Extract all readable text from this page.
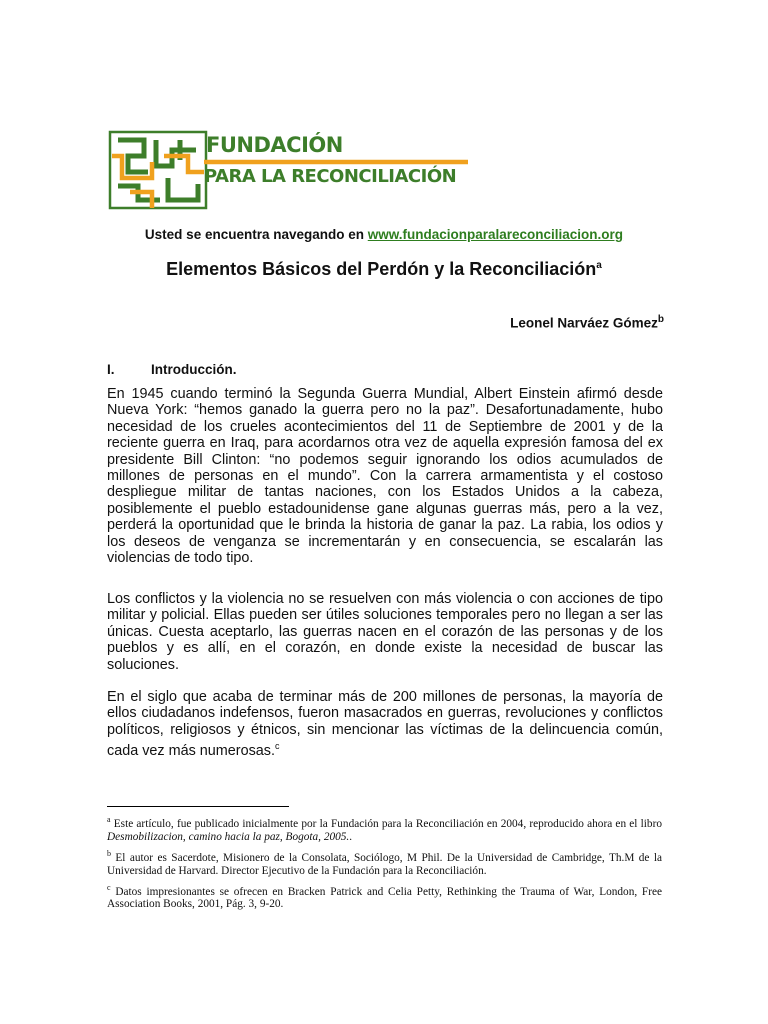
FUNDACIÓN
PARA LA RECONCILIACIÓN
Usted se encuentra navegando en www.fundacionparalareconciliacion.org
Elementos Básicos del Perdón y la Reconciliación$^a$
Leonel Narváez Gómez$^b$
I.	Introducción.
En 1945 cuando terminó la Segunda Guerra Mundial, Albert Einstein afirmó desde Nueva York: “hemos ganado la guerra pero no la paz”. Desafortunadamente, hubo necesidad de los crueles acontecimientos del 11 de Septiembre de 2001 y de la reciente guerra en Iraq, para acordarnos otra vez de aquella expresión famosa del ex presidente Bill Clinton: “no podemos seguir ignorando los odios acumulados de millones de personas en el mundo”. Con la carrera armamentista y el costoso despliegue militar de tantas naciones, con los Estados Unidos a la cabeza, posiblemente el pueblo estadounidense gane algunas guerras más, pero a la vez, perderá la oportunidad que le brinda la historia de ganar la paz. La rabia, los odios y los deseos de venganza se incrementarán y en consecuencia, se escalarán las violencias de todo tipo.
Los conflictos y la violencia no se resuelven con más violencia o con acciones de tipo militar y policial. Ellas pueden ser útiles soluciones temporales pero no llegan a ser las únicas. Cuesta aceptarlo, las guerras nacen en el corazón de las personas y de los pueblos y es allí, en el corazón, en donde existe la necesidad de buscar las soluciones.
En el siglo que acaba de terminar más de 200 millones de personas, la mayoría de ellos ciudadanos indefensos, fueron masacrados en guerras, revoluciones y conflictos políticos, religiosos y étnicos, sin mencionar las víctimas de la delincuencia común, cada vez más numerosas.$^c$
$^a$ Este artículo, fue publicado inicialmente por la Fundación para la Reconciliación en 2004, reproducido ahora en el libro Desmobilizacion, camino hacia la paz, Bogota, 2005..
$^b$ El autor es Sacerdote, Misionero de la Consolata, Sociólogo, M Phil. De la Universidad de Cambridge, Th.M de la Universidad de Harvard. Director Ejecutivo de la Fundación para la Reconciliación.
$^c$ Datos impresionantes se ofrecen en Bracken Patrick and Celia Petty, Rethinking the Trauma of War, London, Free Association Books, 2001, Pág. 3, 9-20.
